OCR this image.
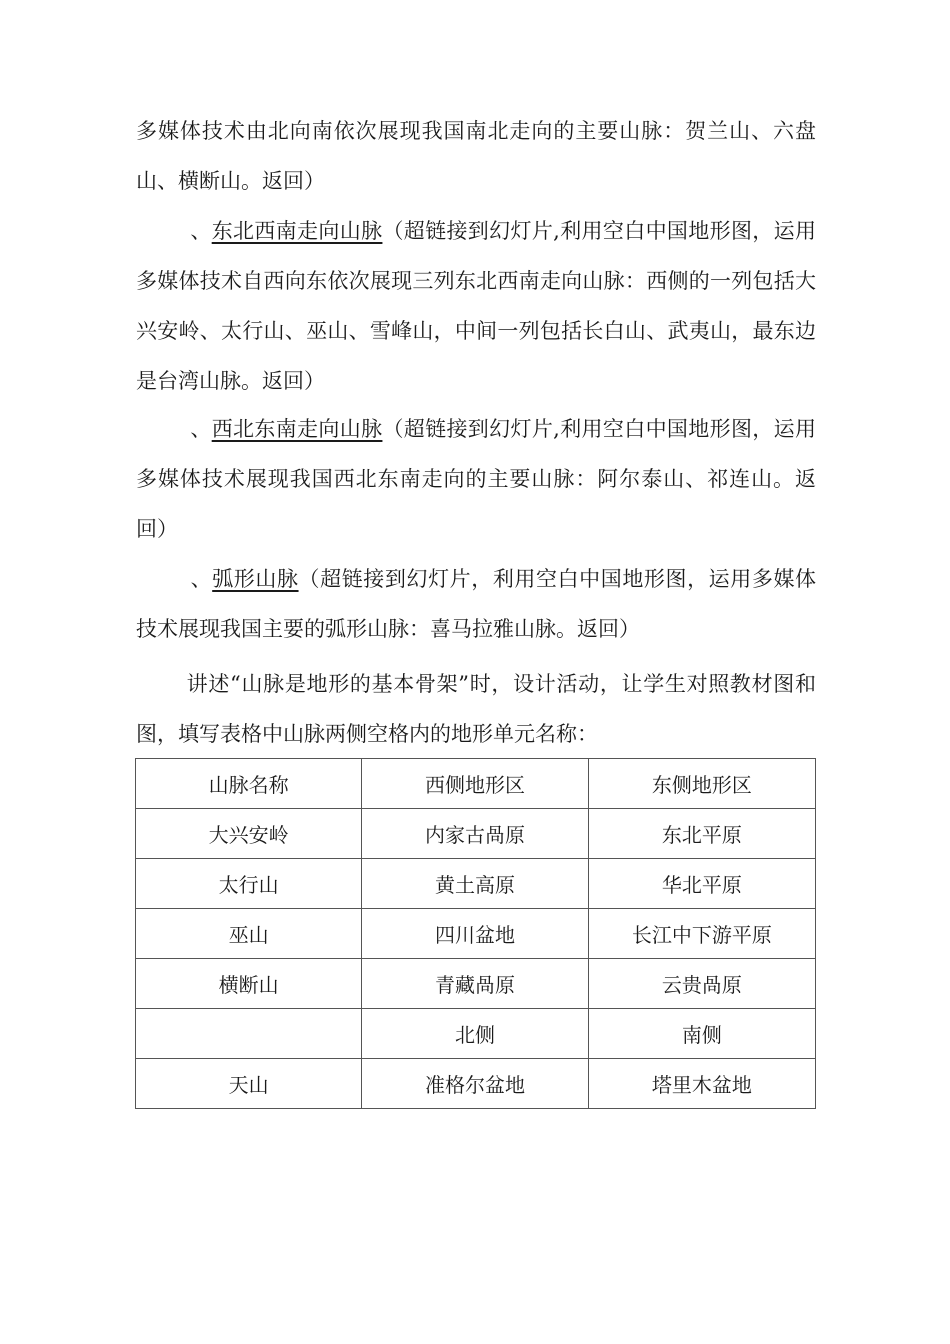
多媒体技术由北向南依次展现我国南北走向的主要山脉：贺兰山、六盘山、横断山。返回）

、东北西南走向山脉（超链接到幻灯片,利用空白中国地形图，运用多媒体技术自西向东依次展现三列东北西南走向山脉：西侧的一列包括大兴安岭、太行山、巫山、雪峰山，中间一列包括长白山、武夷山，最东边是台湾山脉。返回）

、西北东南走向山脉（超链接到幻灯片,利用空白中国地形图，运用多媒体技术展现我国西北东南走向的主要山脉：阿尔泰山、祁连山。返回）

、弧形山脉（超链接到幻灯片，利用空白中国地形图，运用多媒体技术展现我国主要的弧形山脉：喜马拉雅山脉。返回）

讲述“山脉是地形的基本骨架”时，设计活动，让学生对照教材图和图，填写表格中山脉两侧空格内的地形单元名称：

山脉名称	西侧地形区	东侧地形区
大兴安岭	内家古咼原	东北平原
太行山	黄土高原	华北平原
巫山	四川盆地	长江中下游平原
横断山	青藏咼原	云贵咼原
	北侧	南侧
天山	准格尔盆地	塔里木盆地
